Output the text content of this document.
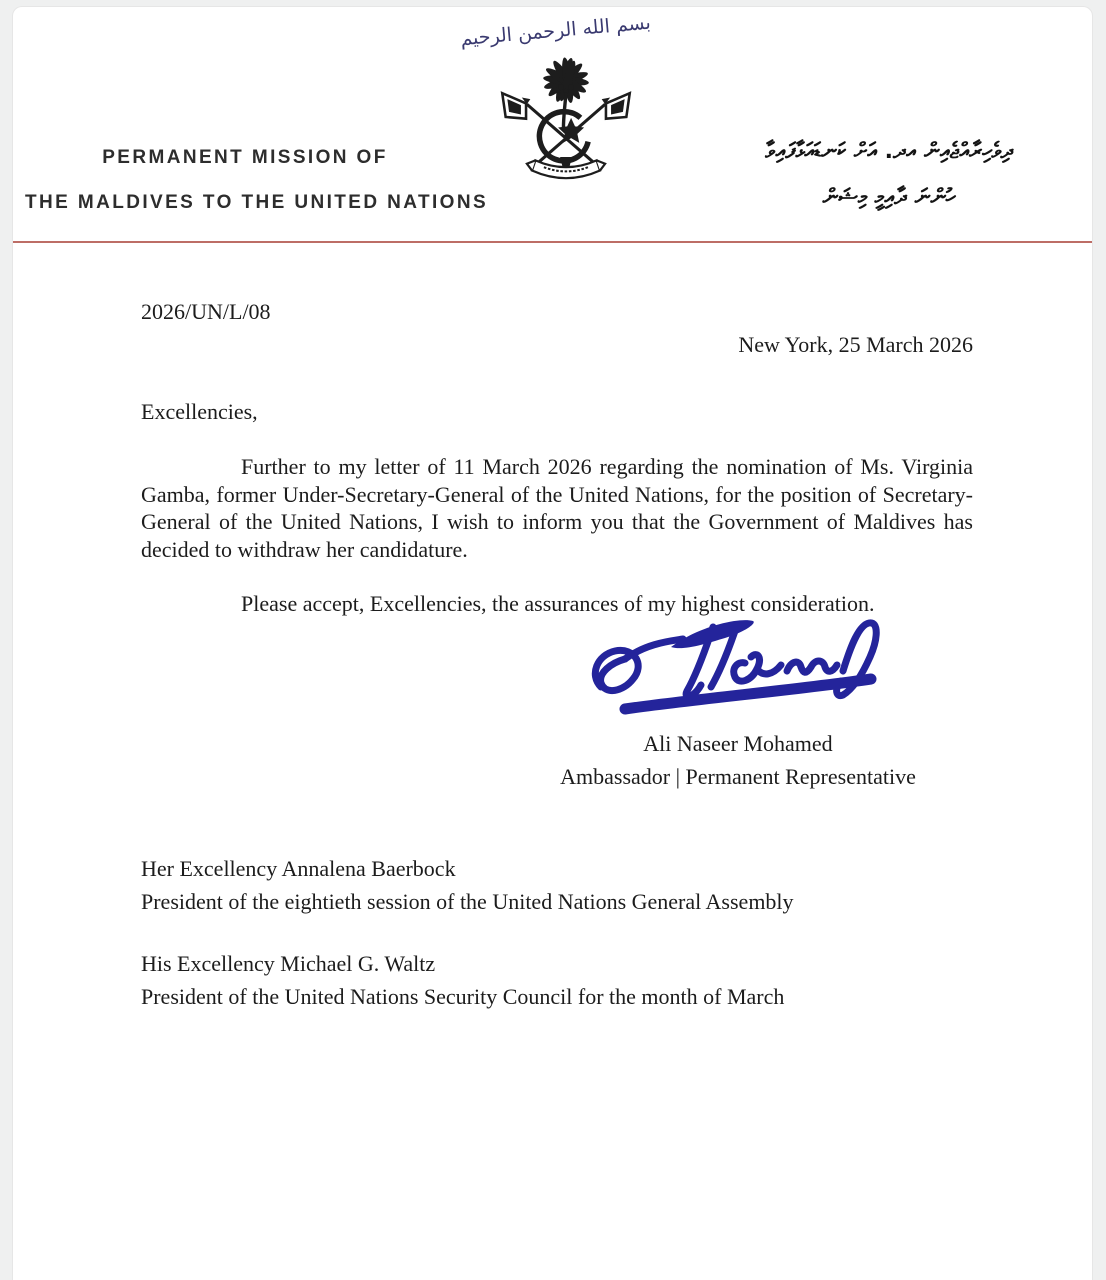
PERMANENT MISSION OF
THE MALDIVES TO THE UNITED NATIONS
بسم الله الرحمن الرحيم
ދިވެހިރާއްޖެއިން އދ. އަށް ކަނޑައަޅާފައިވާ
ހުންނަ ދާއިމީ މިޝަން
2026/UN/L/08
New York, 25 March 2026
Excellencies,
Further to my letter of 11 March 2026 regarding the nomination of Ms. Virginia Gamba, former Under-Secretary-General of the United Nations, for the position of Secretary-General of the United Nations, I wish to inform you that the Government of Maldives has decided to withdraw her candidature.
Please accept, Excellencies, the assurances of my highest consideration.
Ali Naseer Mohamed
Ambassador | Permanent Representative
Her Excellency Annalena Baerbock
President of the eightieth session of the United Nations General Assembly
His Excellency Michael G. Waltz
President of the United Nations Security Council for the month of March
